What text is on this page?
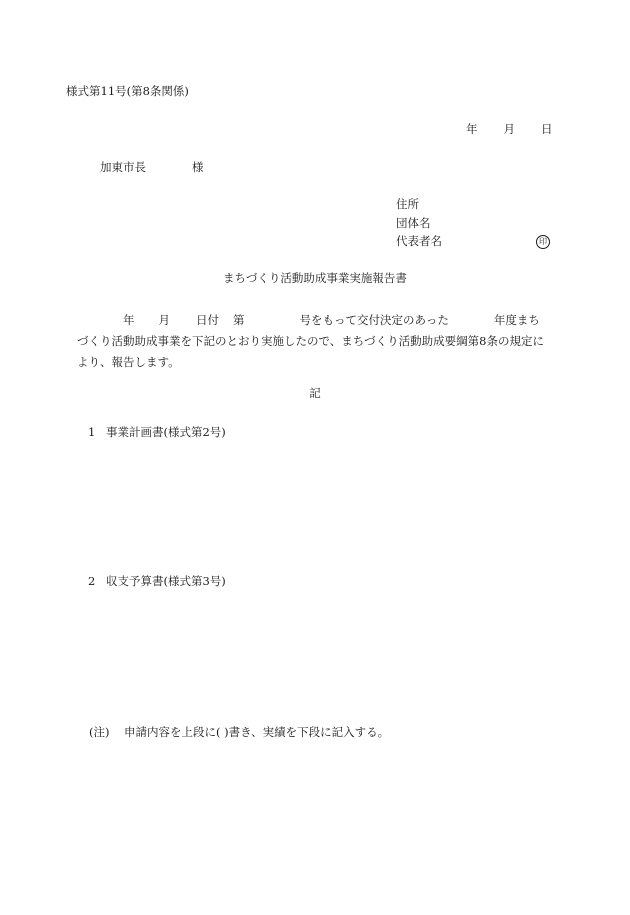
様式第11号(第8条関係)
年 月 日
加東市長	様
住所
団体名
代表者名	印
まちづくり活動助成事業実施報告書
年 月 日付 第	号をもって交付決定のあった	年度まち
づくり活動助成事業を下記のとおり実施したので、まちづくり活動助成要綱第8条の規定に
より、報告します。
記
1 事業計画書(様式第2号)
2 収支予算書(様式第3号)
(注) 申請内容を上段に( )書き、実績を下段に記入する。
